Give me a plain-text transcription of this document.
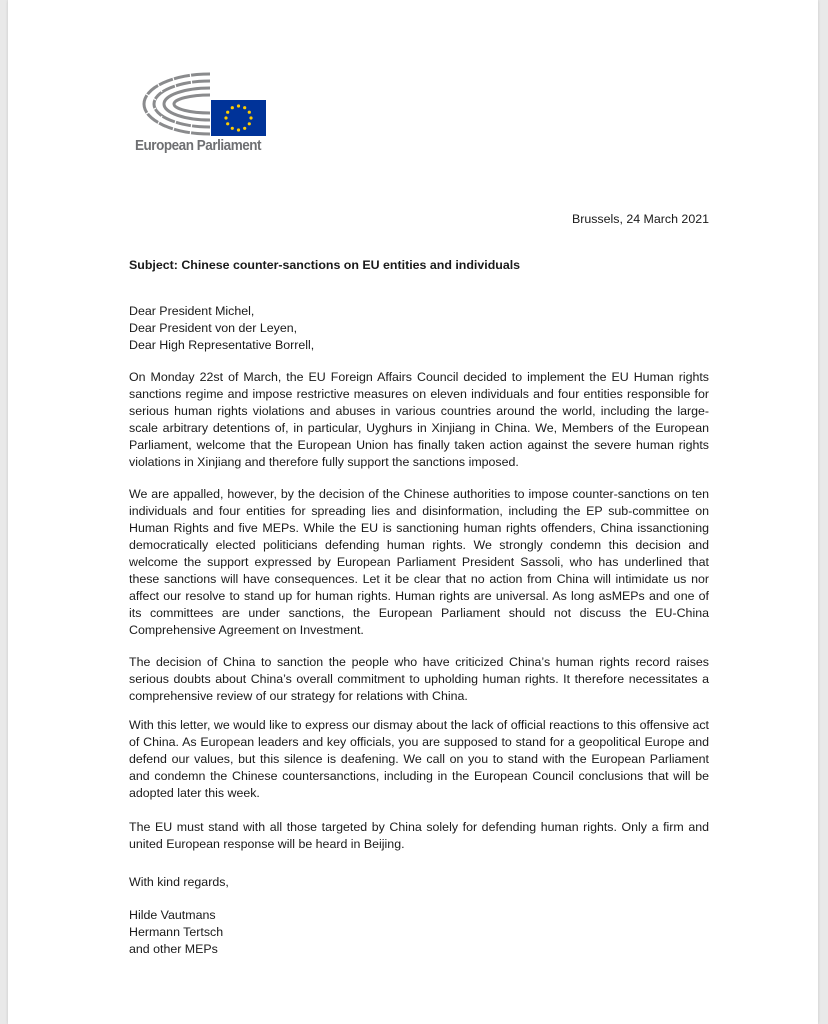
European Parliament
Brussels, 24 March 2021
Subject: Chinese counter-sanctions on EU entities and individuals
Dear President Michel,
Dear President von der Leyen,
Dear High Representative Borrell,

On Monday 22st of March, the EU Foreign Affairs Council decided to implement the EU Human rights sanctions regime and impose restrictive measures on eleven individuals and four entities responsible for serious human rights violations and abuses in various countries around the world, including the large-scale arbitrary detentions of, in particular, Uyghurs in Xinjiang in China. We, Members of the European Parliament, welcome that the European Union has finally taken action against the severe human rights violations in Xinjiang and therefore fully support the sanctions imposed.

We are appalled, however, by the decision of the Chinese authorities to impose counter-sanctions on ten individuals and four entities for spreading lies and disinformation, including the EP sub-committee on Human Rights and five MEPs. While the EU is sanctioning human rights offenders, China issanctioning democratically elected politicians defending human rights. We strongly condemn this decision and welcome the support expressed by European Parliament President Sassoli, who has underlined that these sanctions will have consequences. Let it be clear that no action from China will intimidate us nor affect our resolve to stand up for human rights. Human rights are universal. As long asMEPs and one of its committees are under sanctions, the European Parliament should not discuss the EU-China Comprehensive Agreement on Investment.

The decision of China to sanction the people who have criticized China’s human rights record raises serious doubts about China’s overall commitment to upholding human rights. It therefore necessitates a comprehensive review of our strategy for relations with China.

With this letter, we would like to express our dismay about the lack of official reactions to this offensive act of China. As European leaders and key officials, you are supposed to stand for a geopolitical Europe and defend our values, but this silence is deafening. We call on you to stand with the European Parliament and condemn the Chinese countersanctions, including in the European Council conclusions that will be adopted later this week.

The EU must stand with all those targeted by China solely for defending human rights. Only a firm and united European response will be heard in Beijing.

With kind regards,
Hilde Vautmans
Hermann Tertsch
and other MEPs
